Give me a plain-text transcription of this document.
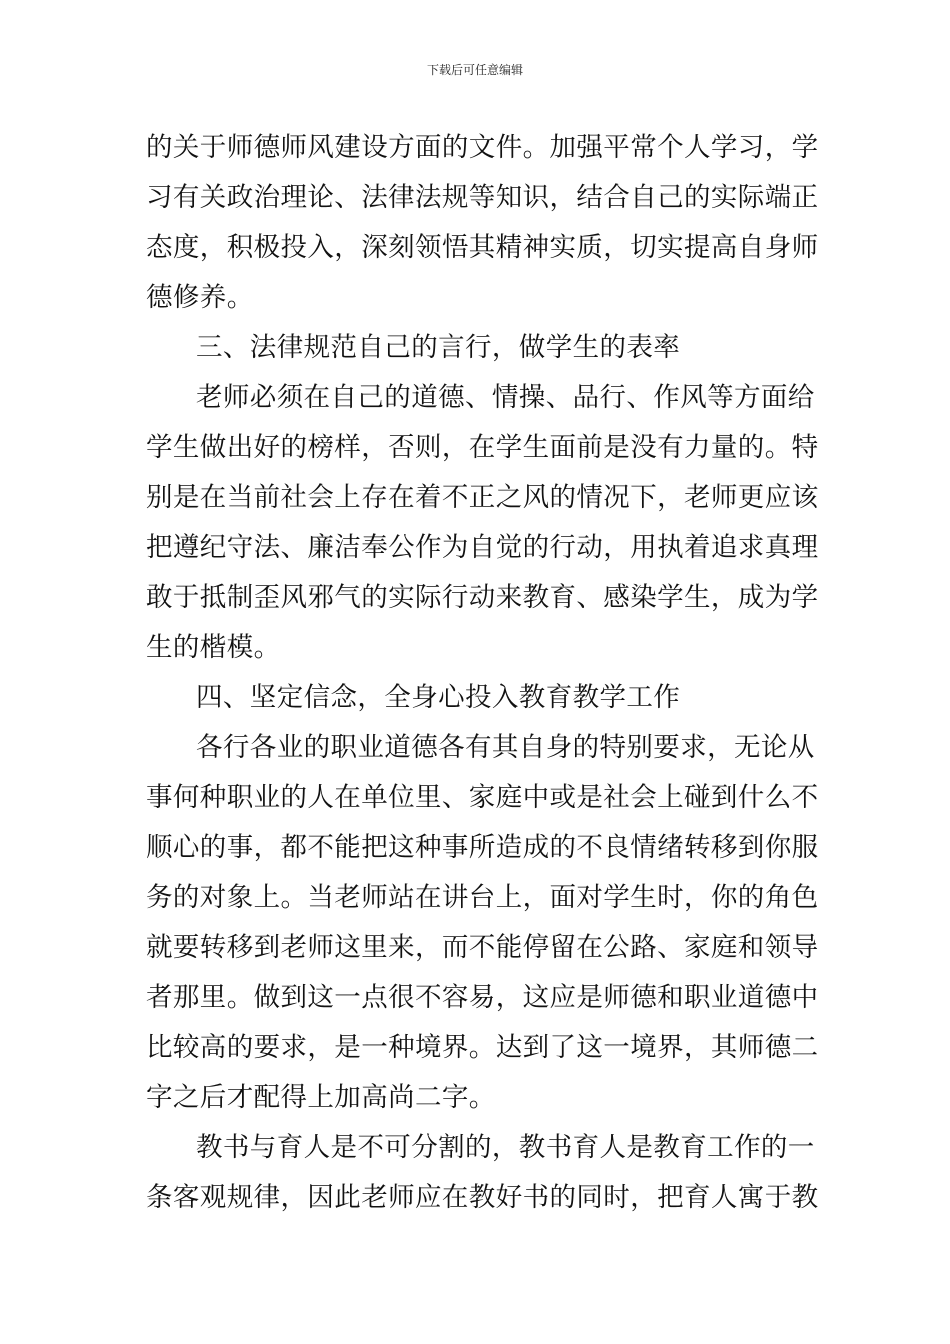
下载后可任意编辑
的关于师德师风建设方面的文件。加强平常个人学习，学
习有关政治理论、法律法规等知识，结合自己的实际端正
态度，积极投入，深刻领悟其精神实质，切实提高自身师
德修养。
三、法律规范自己的言行，做学生的表率
老师必须在自己的道德、情操、品行、作风等方面给
学生做出好的榜样，否则，在学生面前是没有力量的。特
别是在当前社会上存在着不正之风的情况下，老师更应该
把遵纪守法、廉洁奉公作为自觉的行动，用执着追求真理
敢于抵制歪风邪气的实际行动来教育、感染学生，成为学
生的楷模。
四、坚定信念，全身心投入教育教学工作
各行各业的职业道德各有其自身的特别要求，无论从
事何种职业的人在单位里、家庭中或是社会上碰到什么不
顺心的事，都不能把这种事所造成的不良情绪转移到你服
务的对象上。当老师站在讲台上，面对学生时，你的角色
就要转移到老师这里来，而不能停留在公路、家庭和领导
者那里。做到这一点很不容易，这应是师德和职业道德中
比较高的要求，是一种境界。达到了这一境界，其师德二
字之后才配得上加高尚二字。
教书与育人是不可分割的，教书育人是教育工作的一
条客观规律，因此老师应在教好书的同时，把育人寓于教
